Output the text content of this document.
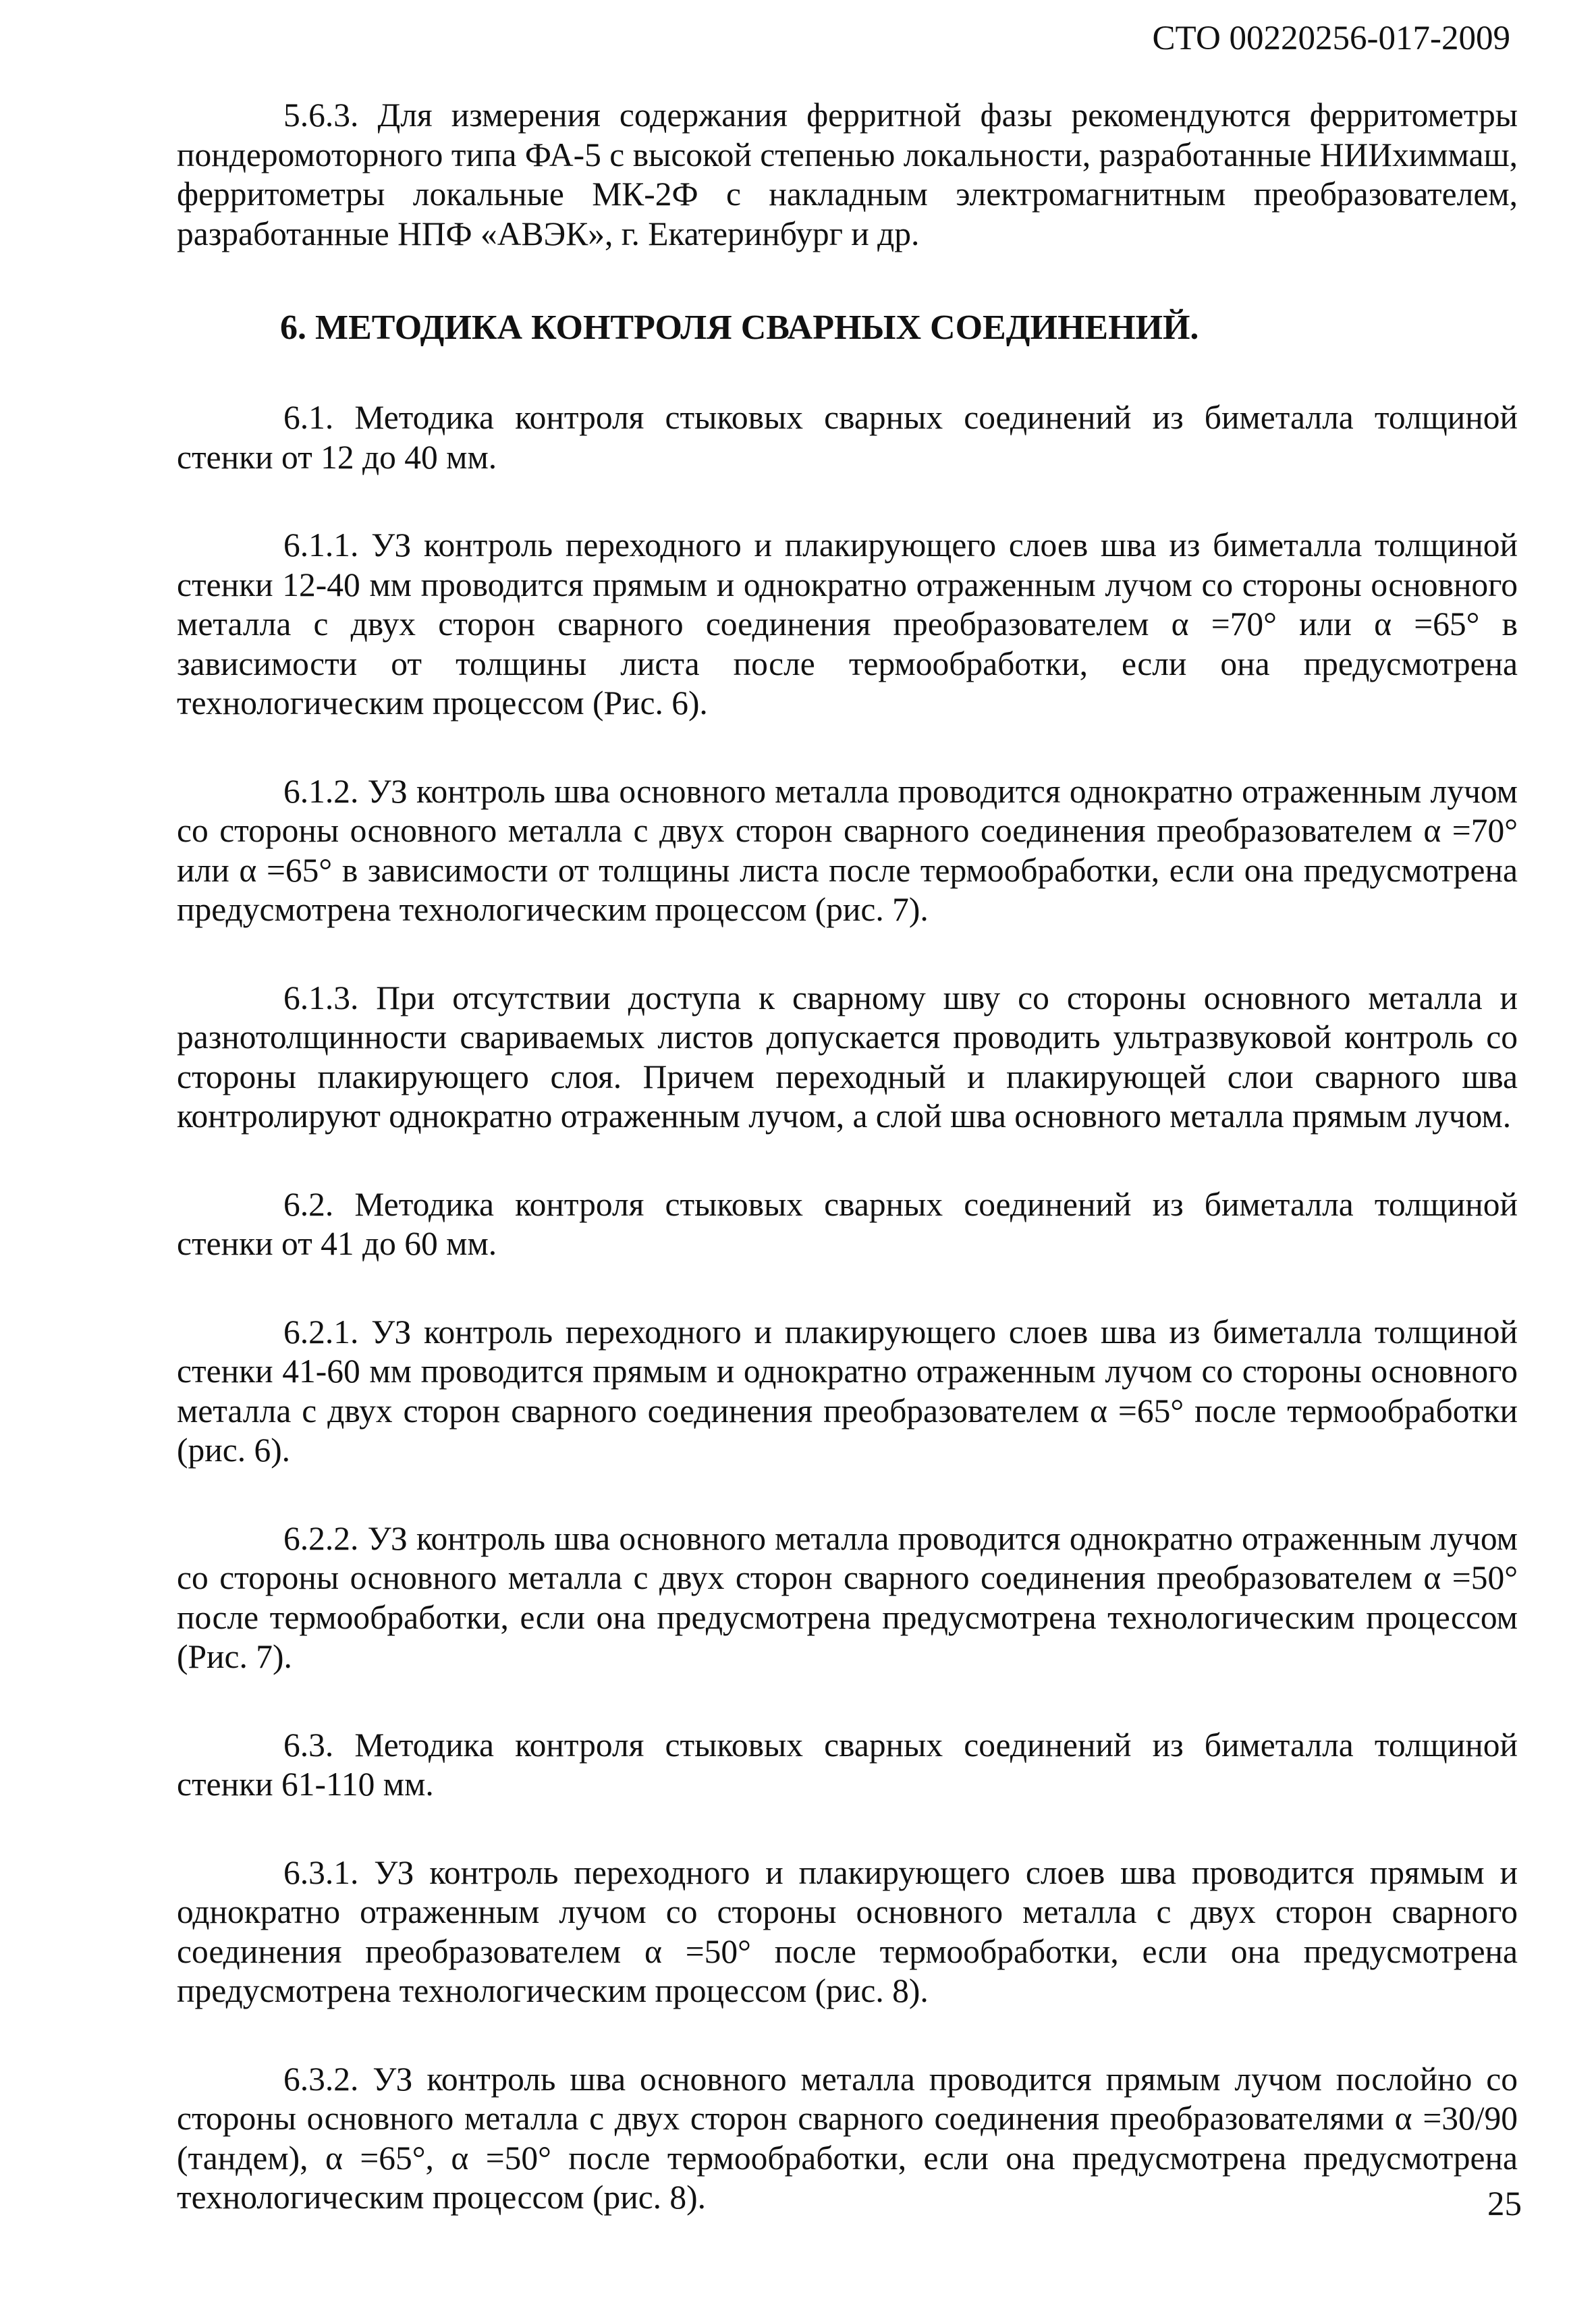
СТО 00220256-017-2009

5.6.3. Для измерения содержания ферритной фазы рекомендуются ферритометры пондеромоторного типа ФА-5 с высокой степенью локальности, разработанные НИИхиммаш, ферритометры локальные МК-2Ф с накладным электромагнитным преобразователем, разработанные НПФ «АВЭК», г. Екатеринбург и др.

6. МЕТОДИКА КОНТРОЛЯ СВАРНЫХ СОЕДИНЕНИЙ.

6.1. Методика контроля стыковых сварных соединений из биметалла толщиной стенки от 12 до 40 мм.

6.1.1. УЗ контроль переходного и плакирующего слоев шва из биметалла толщиной стенки 12-40 мм проводится прямым и однократно отраженным лучом со стороны основного металла с двух сторон сварного соединения преобразователем α =70° или α =65° в зависимости от толщины листа после термообработки, если она предусмотрена технологическим процессом (Рис. 6).

6.1.2. УЗ контроль шва основного металла проводится однократно отраженным лучом со стороны основного металла с двух сторон сварного соединения преобразователем α =70° или α =65° в зависимости от толщины листа после термообработки, если она предусмотрена предусмотрена технологическим процессом (рис. 7).

6.1.3. При отсутствии доступа к сварному шву со стороны основного металла и разнотолщинности свариваемых листов допускается проводить ультразвуковой контроль со стороны плакирующего слоя. Причем переходный и плакирующей слои сварного шва контролируют однократно отраженным лучом, а слой шва основного металла прямым лучом.

6.2. Методика контроля стыковых сварных соединений из биметалла толщиной стенки от 41 до 60 мм.

6.2.1. УЗ контроль переходного и плакирующего слоев шва из биметалла толщиной стенки 41-60 мм проводится прямым и однократно отраженным лучом со стороны основного металла с двух сторон сварного соединения преобразователем α =65° после термообработки (рис. 6).

6.2.2. УЗ контроль шва основного металла проводится однократно отраженным лучом со стороны основного металла с двух сторон сварного соединения преобразователем α =50° после термообработки, если она предусмотрена предусмотрена технологическим процессом (Рис. 7).

6.3. Методика контроля стыковых сварных соединений из биметалла толщиной стенки 61-110 мм.

6.3.1. УЗ контроль переходного и плакирующего слоев шва проводится прямым и однократно отраженным лучом со стороны основного металла с двух сторон сварного соединения преобразователем α =50° после термообработки, если она предусмотрена предусмотрена технологическим процессом (рис. 8).

6.3.2. УЗ контроль шва основного металла проводится прямым лучом послойно со стороны основного металла с двух сторон сварного соединения преобразователями α =30/90 (тандем), α =65°, α =50° после термообработки, если она предусмотрена предусмотрена технологическим процессом (рис. 8).	25
